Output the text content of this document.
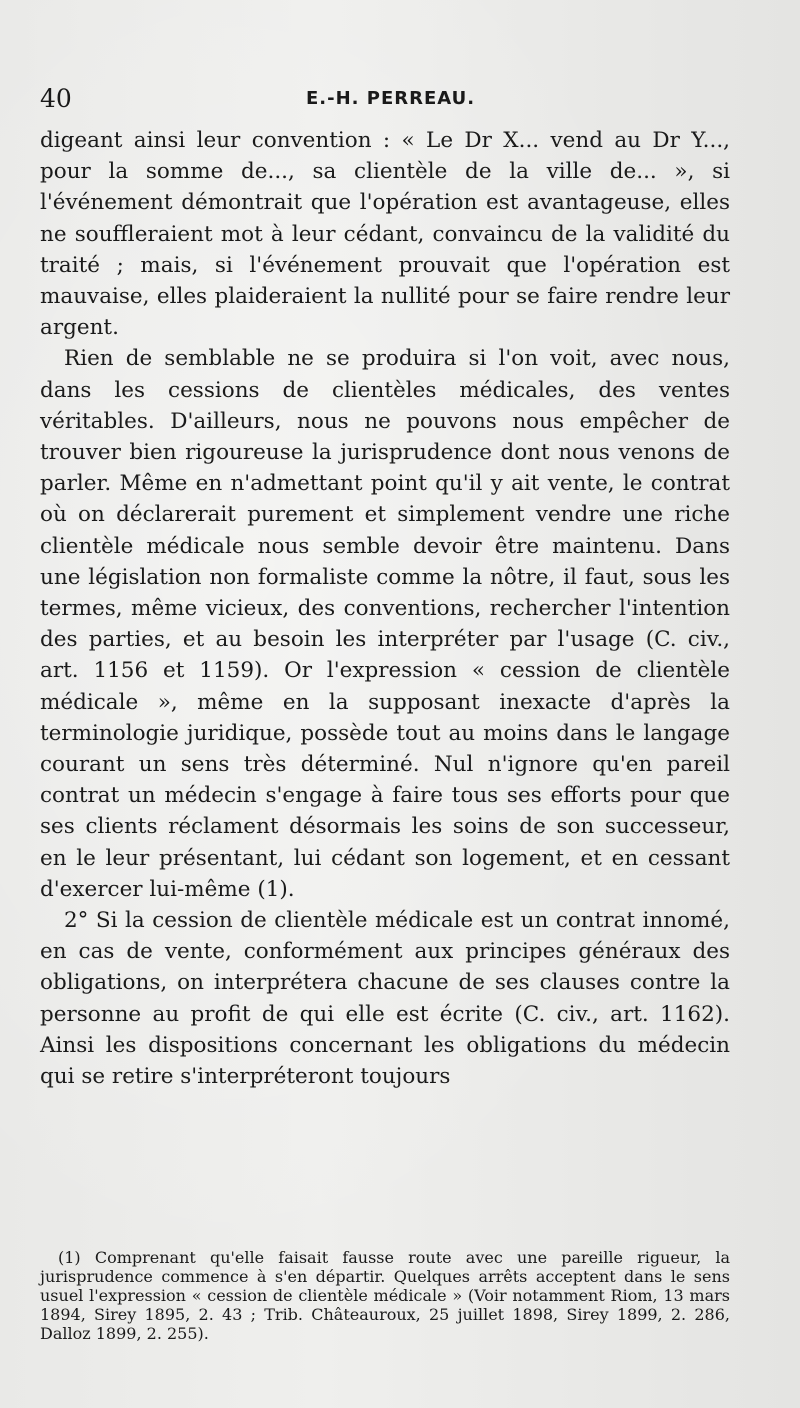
40	E.-H. PERREAU.

digeant ainsi leur convention : « Le Dr X... vend au Dr Y..., pour la somme de..., sa clientèle de la ville de... », si l'événement démontrait que l'opération est avantageuse, elles ne souffleraient mot à leur cédant, convaincu de la validité du traité ; mais, si l'événement prouvait que l'opération est mauvaise, elles plaideraient la nullité pour se faire rendre leur argent.

Rien de semblable ne se produira si l'on voit, avec nous, dans les cessions de clientèles médicales, des ventes véritables. D'ailleurs, nous ne pouvons nous empêcher de trouver bien rigoureuse la jurisprudence dont nous venons de parler. Même en n'admettant point qu'il y ait vente, le contrat où on déclarerait purement et simplement vendre une riche clientèle médicale nous semble devoir être maintenu. Dans une législation non formaliste comme la nôtre, il faut, sous les termes, même vicieux, des conventions, rechercher l'intention des parties, et au besoin les interpréter par l'usage (C. civ., art. 1156 et 1159). Or l'expression « cession de clientèle médicale », même en la supposant inexacte d'après la terminologie juridique, possède tout au moins dans le langage courant un sens très déterminé. Nul n'ignore qu'en pareil contrat un médecin s'engage à faire tous ses efforts pour que ses clients réclament désormais les soins de son successeur, en le leur présentant, lui cédant son logement, et en cessant d'exercer lui-même (1).

2° Si la cession de clientèle médicale est un contrat innomé, en cas de vente, conformément aux principes généraux des obligations, on interprétera chacune de ses clauses contre la personne au profit de qui elle est écrite (C. civ., art. 1162). Ainsi les dispositions concernant les obligations du médecin qui se retire s'interpréteront toujours

(1) Comprenant qu'elle faisait fausse route avec une pareille rigueur, la jurisprudence commence à s'en départir. Quelques arrêts acceptent dans le sens usuel l'expression « cession de clientèle médicale » (Voir notamment Riom, 13 mars 1894, Sirey 1895, 2. 43 ; Trib. Châteauroux, 25 juillet 1898, Sirey 1899, 2. 286, Dalloz 1899, 2. 255).
